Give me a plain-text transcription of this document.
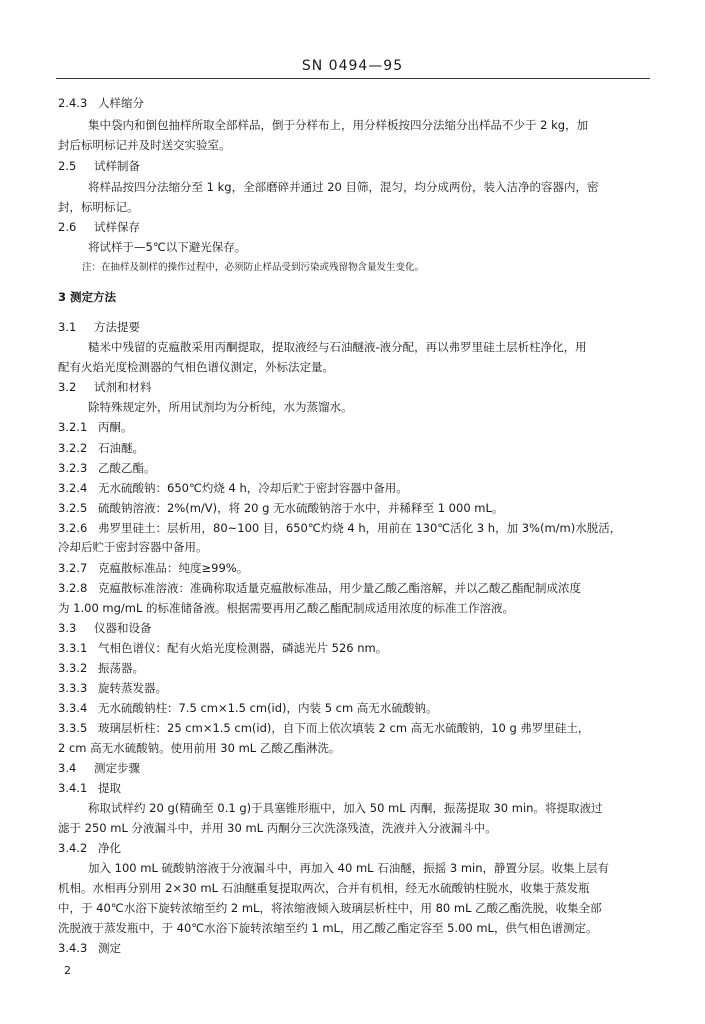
SN 0494—95
2.4.3 人样缩分
集中袋内和倒包抽样所取全部样品，倒于分样布上，用分样板按四分法缩分出样品不少于 2 kg，加
封后标明标记并及时送交实验室。
2.5 试样制备
将样品按四分法缩分至 1 kg，全部磨碎并通过 20 目筛，混匀，均分成两份，装入洁净的容器内，密
封，标明标记。
2.6 试样保存
将试样于—5℃以下避光保存。
注：在抽样及制样的操作过程中，必须防止样品受到污染或残留物含量发生变化。
3 测定方法
3.1 方法提要
糙米中残留的克瘟散采用丙酮提取，提取液经与石油醚液-液分配，再以弗罗里硅土层析柱净化，用
配有火焰光度检测器的气相色谱仪测定，外标法定量。
3.2 试剂和材料
除特殊规定外，所用试剂均为分析纯，水为蒸馏水。
3.2.1 丙酮。
3.2.2 石油醚。
3.2.3 乙酸乙酯。
3.2.4 无水硫酸钠：650℃灼烧 4 h，冷却后贮于密封容器中备用。
3.2.5 硫酸钠溶液：2%(m/V)，将 20 g 无水硫酸钠溶于水中，并稀释至 1 000 mL。
3.2.6 弗罗里硅土：层析用，80~100 目，650℃灼烧 4 h，用前在 130℃活化 3 h，加 3%(m/m)水脱活，
冷却后贮于密封容器中备用。
3.2.7 克瘟散标准品：纯度≥99%。
3.2.8 克瘟散标准溶液：准确称取适量克瘟散标准品，用少量乙酸乙酯溶解，并以乙酸乙酯配制成浓度
为 1.00 mg/mL 的标准储备液。根据需要再用乙酸乙酯配制成适用浓度的标准工作溶液。
3.3 仪器和设备
3.3.1 气相色谱仪：配有火焰光度检测器，磷滤光片 526 nm。
3.3.2 振荡器。
3.3.3 旋转蒸发器。
3.3.4 无水硫酸钠柱：7.5 cm×1.5 cm(id)，内装 5 cm 高无水硫酸钠。
3.3.5 玻璃层析柱：25 cm×1.5 cm(id)，自下而上依次填装 2 cm 高无水硫酸钠，10 g 弗罗里硅土，
2 cm 高无水硫酸钠。使用前用 30 mL 乙酸乙酯淋洗。
3.4 测定步骤
3.4.1 提取
称取试样约 20 g(精确至 0.1 g)于具塞锥形瓶中，加入 50 mL 丙酮，振荡提取 30 min。将提取液过
滤于 250 mL 分液漏斗中，并用 30 mL 丙酮分三次洗涤残渣，洗液并入分液漏斗中。
3.4.2 净化
加入 100 mL 硫酸钠溶液于分液漏斗中，再加入 40 mL 石油醚，振摇 3 min，静置分层。收集上层有
机相。水相再分别用 2×30 mL 石油醚重复提取两次，合并有机相，经无水硫酸钠柱脱水，收集于蒸发瓶
中，于 40℃水浴下旋转浓缩至约 2 mL，将浓缩液倾入玻璃层析柱中，用 80 mL 乙酸乙酯洗脱，收集全部
洗脱液于蒸发瓶中，于 40℃水浴下旋转浓缩至约 1 mL，用乙酸乙酯定容至 5.00 mL，供气相色谱测定。
3.4.3 测定
2
